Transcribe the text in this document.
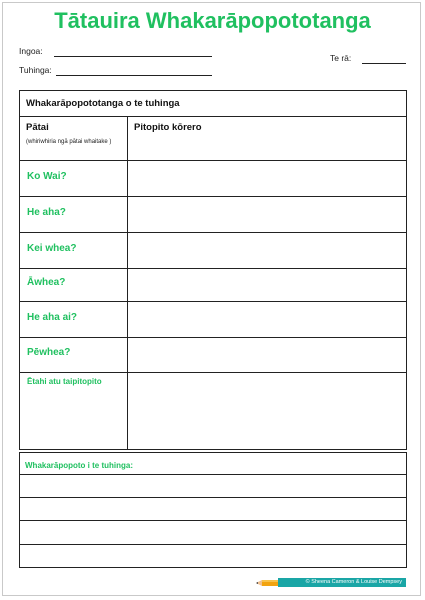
Tātauira Whakarāpopototanga
Ingoa:
Tuhinga:
Te rā:
Whakarāpopototanga o te tuhinga
Pātai
(whiriwhiria ngā pātai whaitake )
Pitopito kōrero
Ko Wai?
He aha?
Kei whea?
Āwhea?
He aha ai?
Pēwhea?
Ētahi atu taipitopito
Whakarāpopoto i te tuhinga:
© Sheena Cameron & Louise Dempsey
